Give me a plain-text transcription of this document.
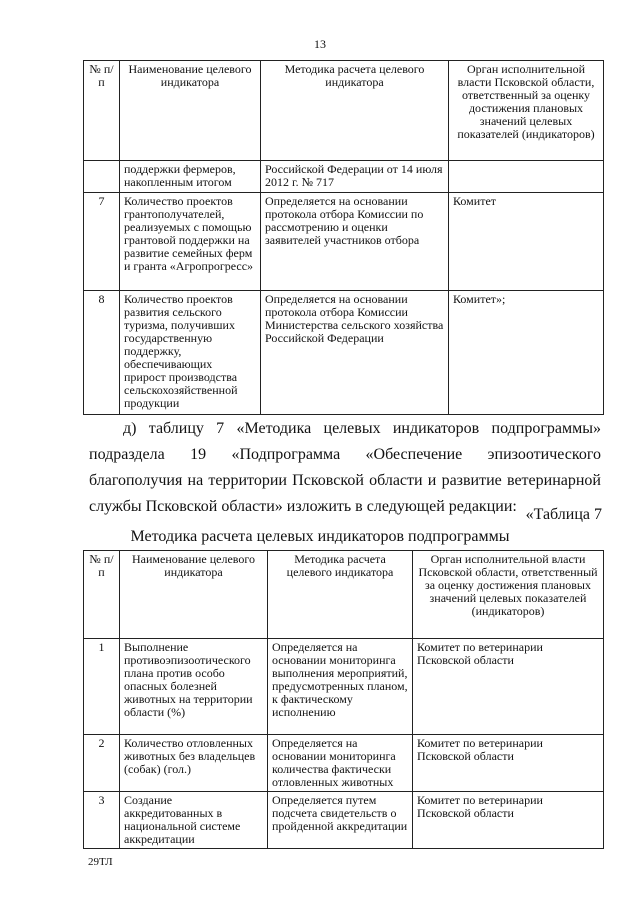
13
№ п/п	Наименование целевого индикатора	Методика расчета целевого индикатора	Орган исполнительной власти Псковской области, ответственный за оценку достижения плановых значений целевых показателей (индикаторов)
	поддержки фермеров, накопленным итогом	Российской Федерации от 14 июля 2012 г. № 717	
7	Количество проектов грантополучателей, реализуемых с помощью грантовой поддержки на развитие семейных ферм и гранта «Агропрогресс»	Определяется на основании протокола отбора Комиссии по рассмотрению и оценки заявителей участников отбора	Комитет
8	Количество проектов развития сельского туризма, получивших государственную поддержку, обеспечивающих прирост производства сельскохозяйственной продукции	Определяется на основании протокола отбора Комиссии Министерства сельского хозяйства Российской Федерации	Комитет»;
д) таблицу 7 «Методика целевых индикаторов подпрограммы»
подраздела 19 «Подпрограмма «Обеспечение эпизоотического
благополучия на территории Псковской области и развитие ветеринарной
службы Псковской области» изложить в следующей редакции: «Таблица 7
Методика расчета целевых индикаторов подпрограммы
№ п/п	Наименование целевого индикатора	Методика расчета целевого индикатора	Орган исполнительной власти Псковской области, ответственный за оценку достижения плановых значений целевых показателей (индикаторов)
1	Выполнение противоэпизоотического плана против особо опасных болезней животных на территории области (%)	Определяется на основании мониторинга выполнения мероприятий, предусмотренных планом, к фактическому исполнению	Комитет по ветеринарии Псковской области
2	Количество отловленных животных без владельцев (собак) (гол.)	Определяется на основании мониторинга количества фактически отловленных животных	Комитет по ветеринарии Псковской области
3	Создание аккредитованных в национальной системе аккредитации	Определяется путем подсчета свидетельств о пройденной аккредитации	Комитет по ветеринарии Псковской области
29ТЛ
